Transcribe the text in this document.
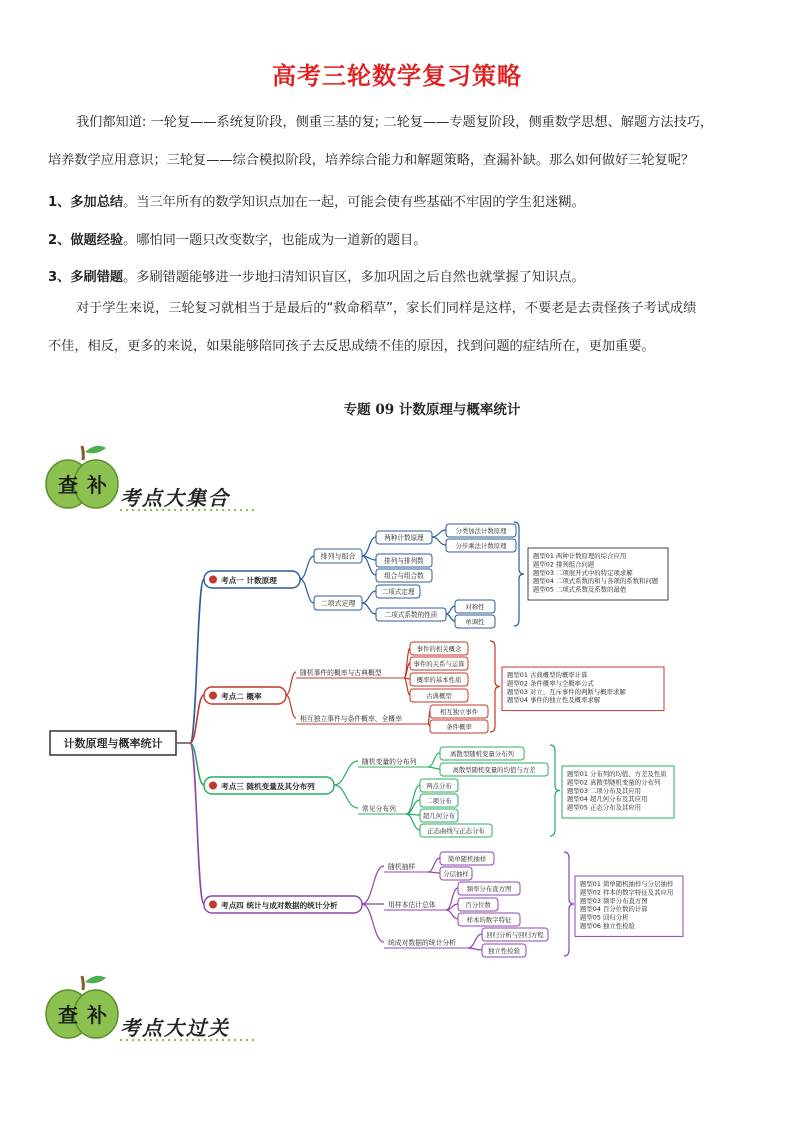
高考三轮数学复习策略
我们都知道: 一轮复——系统复阶段，侧重三基的复; 二轮复——专题复阶段，侧重数学思想、解题方法技巧，
培养数学应用意识；三轮复——综合模拟阶段，培养综合能力和解题策略，查漏补缺。那么如何做好三轮复呢？
1、多加总结。当三年所有的数学知识点加在一起，可能会使有些基础不牢固的学生犯迷糊。
2、做题经验。哪怕同一题只改变数字，也能成为一道新的题目。
3、多刷错题。多刷错题能够进一步地扫清知识盲区，多加巩固之后自然也就掌握了知识点。
对于学生来说，三轮复习就相当于是最后的“救命稻草”，家长们同样是这样，不要老是去责怪孩子考试成绩
不佳，相反，更多的来说，如果能够陪同孩子去反思成绩不佳的原因，找到问题的症结所在，更加重要。
专题 09 计数原理与概率统计
查 补
考点大集合
计数原理与概率统计
考点一 计数原理
考点二 概率
考点三 随机变量及其分布列
考点四 统计与成对数据的统计分析
排列与组合
二项式定理
两种计数原理
排列与排列数
组合与组合数
分类加法计数原理
分步乘法计数原理
二项式定理
二项式系数的性质
对称性
单调性
题型01 两种计数原理的综合应用
题型02 排列组合问题
题型03 二项展开式中的特定项求解
题型04 二项式系数的和与各项的系数和问题
题型05 二项式系数及系数的最值
随机事件的概率与古典概型
相互独立事件与条件概率、全概率
事件的相关概念
事件的关系与运算
概率的基本性质
古典概型
相互独立事件
条件概率
题型01 古典概型的概率计算
题型02 条件概率与全概率公式
题型03 对立、互斥事件的判断与概率求解
题型04 事件的独立性及概率求解
随机变量的分布列
常见分布列
离散型随机变量分布列
离散型随机变量的均值与方差
两点分布
二项分布
超几何分布
正态曲线与正态分布
题型01 分布列的均值、方差及性质
题型02 离散型随机变量的分布列
题型03 二项分布及其应用
题型04 超几何分布及其应用
题型05 正态分布及其应用
随机抽样
用样本估计总体
统成对数据的统计分析
简单随机抽样
分层抽样
频率分布直方图
百分位数
样本的数字特征
回归分析与回归方程
独立性检验
题型01 简单随机抽样与分层抽样
题型02 样本的数字特征及其应用
题型03 频率分布直方图
题型04 百分位数的计算
题型05 回归分析
题型06 独立性检验
查 补
考点大过关
